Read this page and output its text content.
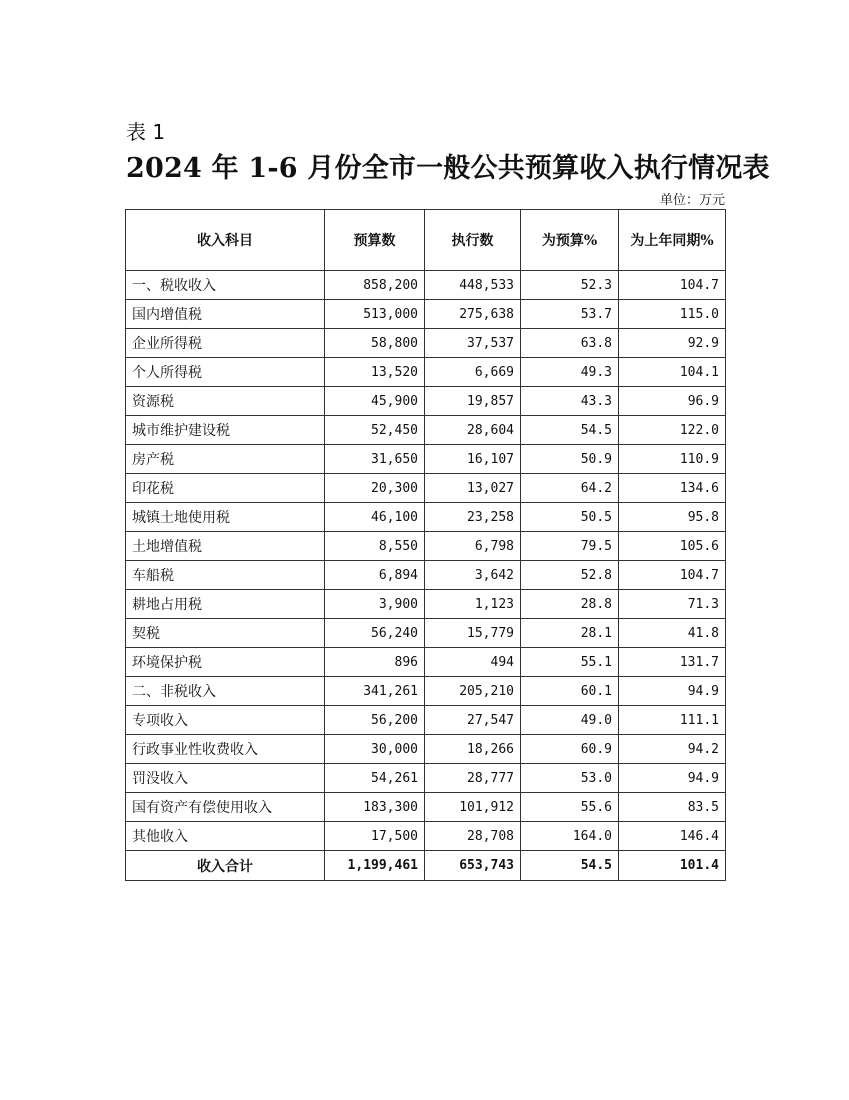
表 1

2024 年 1-6 月份全市一般公共预算收入执行情况表

单位：万元

收入科目	预算数	执行数	为预算%	为上年同期%
一、税收收入	858,200	448,533	52.3	104.7
国内增值税	513,000	275,638	53.7	115.0
企业所得税	58,800	37,537	63.8	92.9
个人所得税	13,520	6,669	49.3	104.1
资源税	45,900	19,857	43.3	96.9
城市维护建设税	52,450	28,604	54.5	122.0
房产税	31,650	16,107	50.9	110.9
印花税	20,300	13,027	64.2	134.6
城镇土地使用税	46,100	23,258	50.5	95.8
土地增值税	8,550	6,798	79.5	105.6
车船税	6,894	3,642	52.8	104.7
耕地占用税	3,900	1,123	28.8	71.3
契税	56,240	15,779	28.1	41.8
环境保护税	896	494	55.1	131.7
二、非税收入	341,261	205,210	60.1	94.9
专项收入	56,200	27,547	49.0	111.1
行政事业性收费收入	30,000	18,266	60.9	94.2
罚没收入	54,261	28,777	53.0	94.9
国有资产有偿使用收入	183,300	101,912	55.6	83.5
其他收入	17,500	28,708	164.0	146.4
收入合计	1,199,461	653,743	54.5	101.4
